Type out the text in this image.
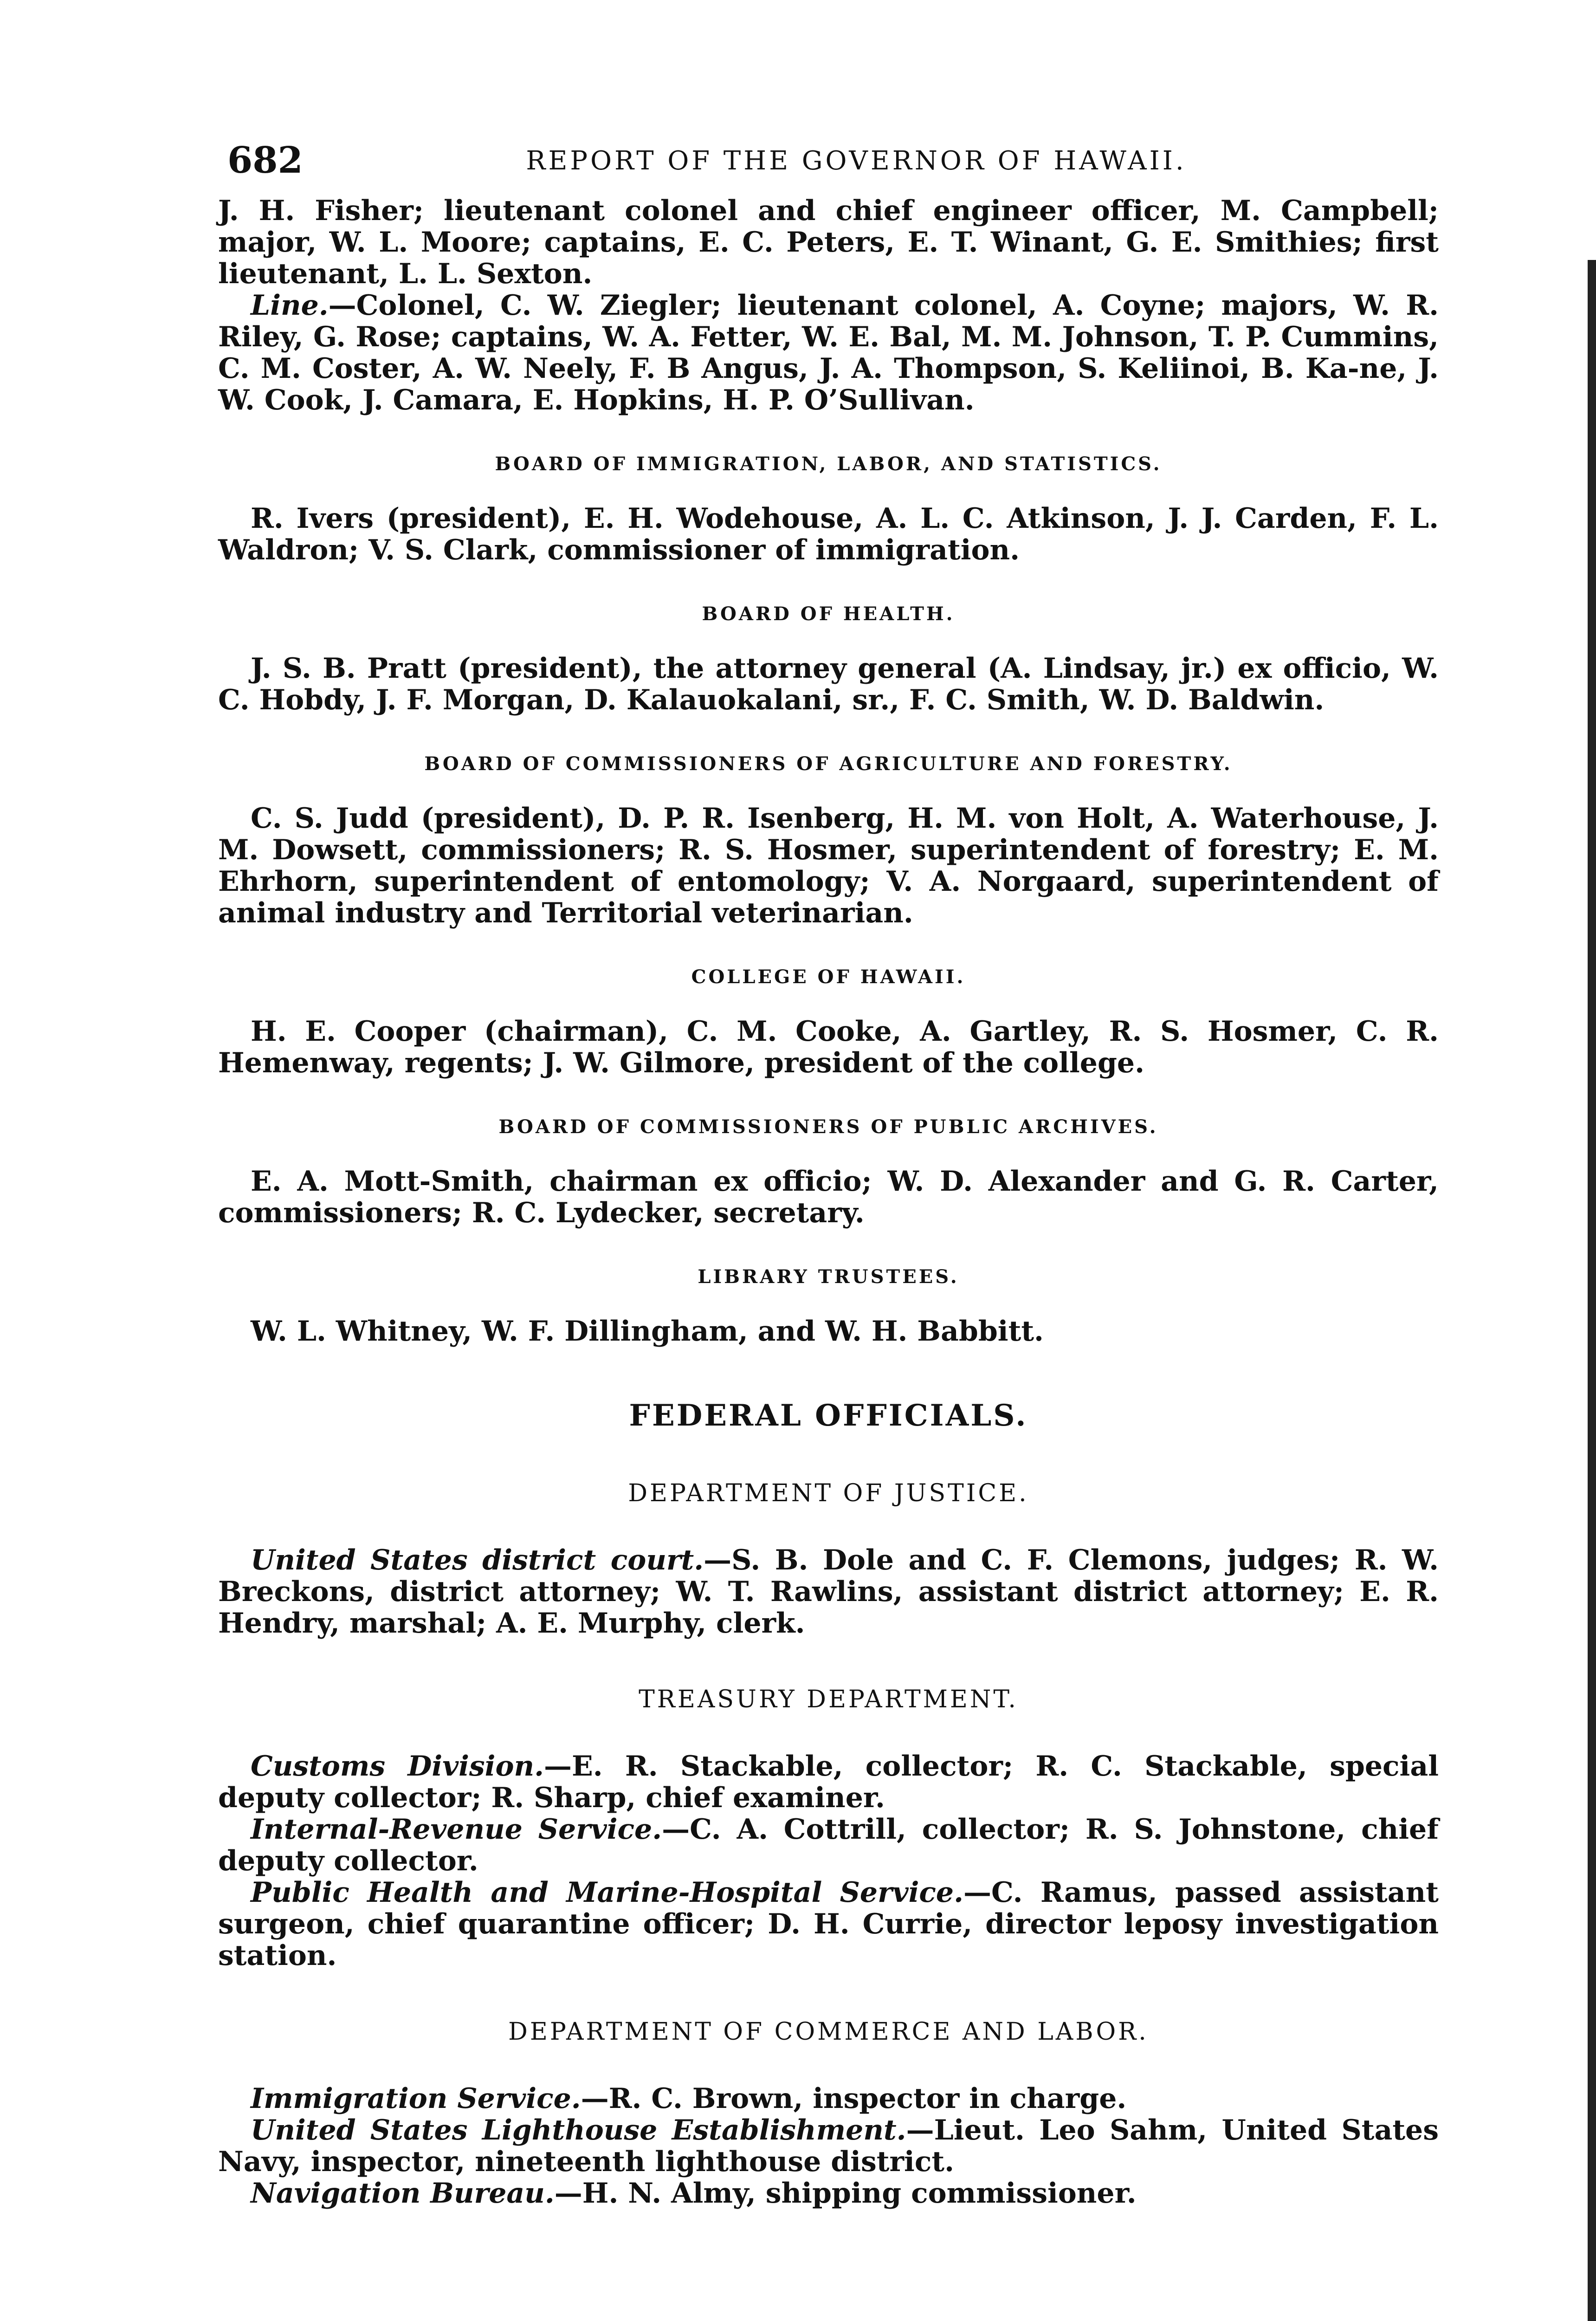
682	REPORT OF THE GOVERNOR OF HAWAII.

J. H. Fisher; lieutenant colonel and chief engineer officer, M. Campbell; major, W. L. Moore; captains, E. C. Peters, E. T. Winant, G. E. Smithies; first lieutenant, L. L. Sexton.

Line.—Colonel, C. W. Ziegler; lieutenant colonel, A. Coyne; majors, W. R. Riley, G. Rose; captains, W. A. Fetter, W. E. Bal, M. M. Johnson, T. P. Cummins, C. M. Coster, A. W. Neely, F. B Angus, J. A. Thompson, S. Keliinoi, B. Ka-ne, J. W. Cook, J. Camara, E. Hopkins, H. P. O’Sullivan.

BOARD OF IMMIGRATION, LABOR, AND STATISTICS.

R. Ivers (president), E. H. Wodehouse, A. L. C. Atkinson, J. J. Carden, F. L. Waldron; V. S. Clark, commissioner of immigration.

BOARD OF HEALTH.

J. S. B. Pratt (president), the attorney general (A. Lindsay, jr.) ex officio, W. C. Hobdy, J. F. Morgan, D. Kalauokalani, sr., F. C. Smith, W. D. Baldwin.

BOARD OF COMMISSIONERS OF AGRICULTURE AND FORESTRY.

C. S. Judd (president), D. P. R. Isenberg, H. M. von Holt, A. Waterhouse, J. M. Dowsett, commissioners; R. S. Hosmer, superintendent of forestry; E. M. Ehrhorn, superintendent of entomology; V. A. Norgaard, superintendent of animal industry and Territorial veterinarian.

COLLEGE OF HAWAII.

H. E. Cooper (chairman), C. M. Cooke, A. Gartley, R. S. Hosmer, C. R. Hemenway, regents; J. W. Gilmore, president of the college.

BOARD OF COMMISSIONERS OF PUBLIC ARCHIVES.

E. A. Mott-Smith, chairman ex officio; W. D. Alexander and G. R. Carter, commissioners; R. C. Lydecker, secretary.

LIBRARY TRUSTEES.

W. L. Whitney, W. F. Dillingham, and W. H. Babbitt.

FEDERAL OFFICIALS.
DEPARTMENT OF JUSTICE.

United States district court.—S. B. Dole and C. F. Clemons, judges; R. W. Breckons, district attorney; W. T. Rawlins, assistant district attorney; E. R. Hendry, marshal; A. E. Murphy, clerk.

TREASURY DEPARTMENT.

Customs Division.—E. R. Stackable, collector; R. C. Stackable, special deputy collector; R. Sharp, chief examiner.

Internal-Revenue Service.—C. A. Cottrill, collector; R. S. Johnstone, chief deputy collector.

Public Health and Marine-Hospital Service.—C. Ramus, passed assistant surgeon, chief quarantine officer; D. H. Currie, director leposy investigation station.

DEPARTMENT OF COMMERCE AND LABOR.

Immigration Service.—R. C. Brown, inspector in charge.

United States Lighthouse Establishment.—Lieut. Leo Sahm, United States Navy, inspector, nineteenth lighthouse district.

Navigation Bureau.—H. N. Almy, shipping commissioner.
